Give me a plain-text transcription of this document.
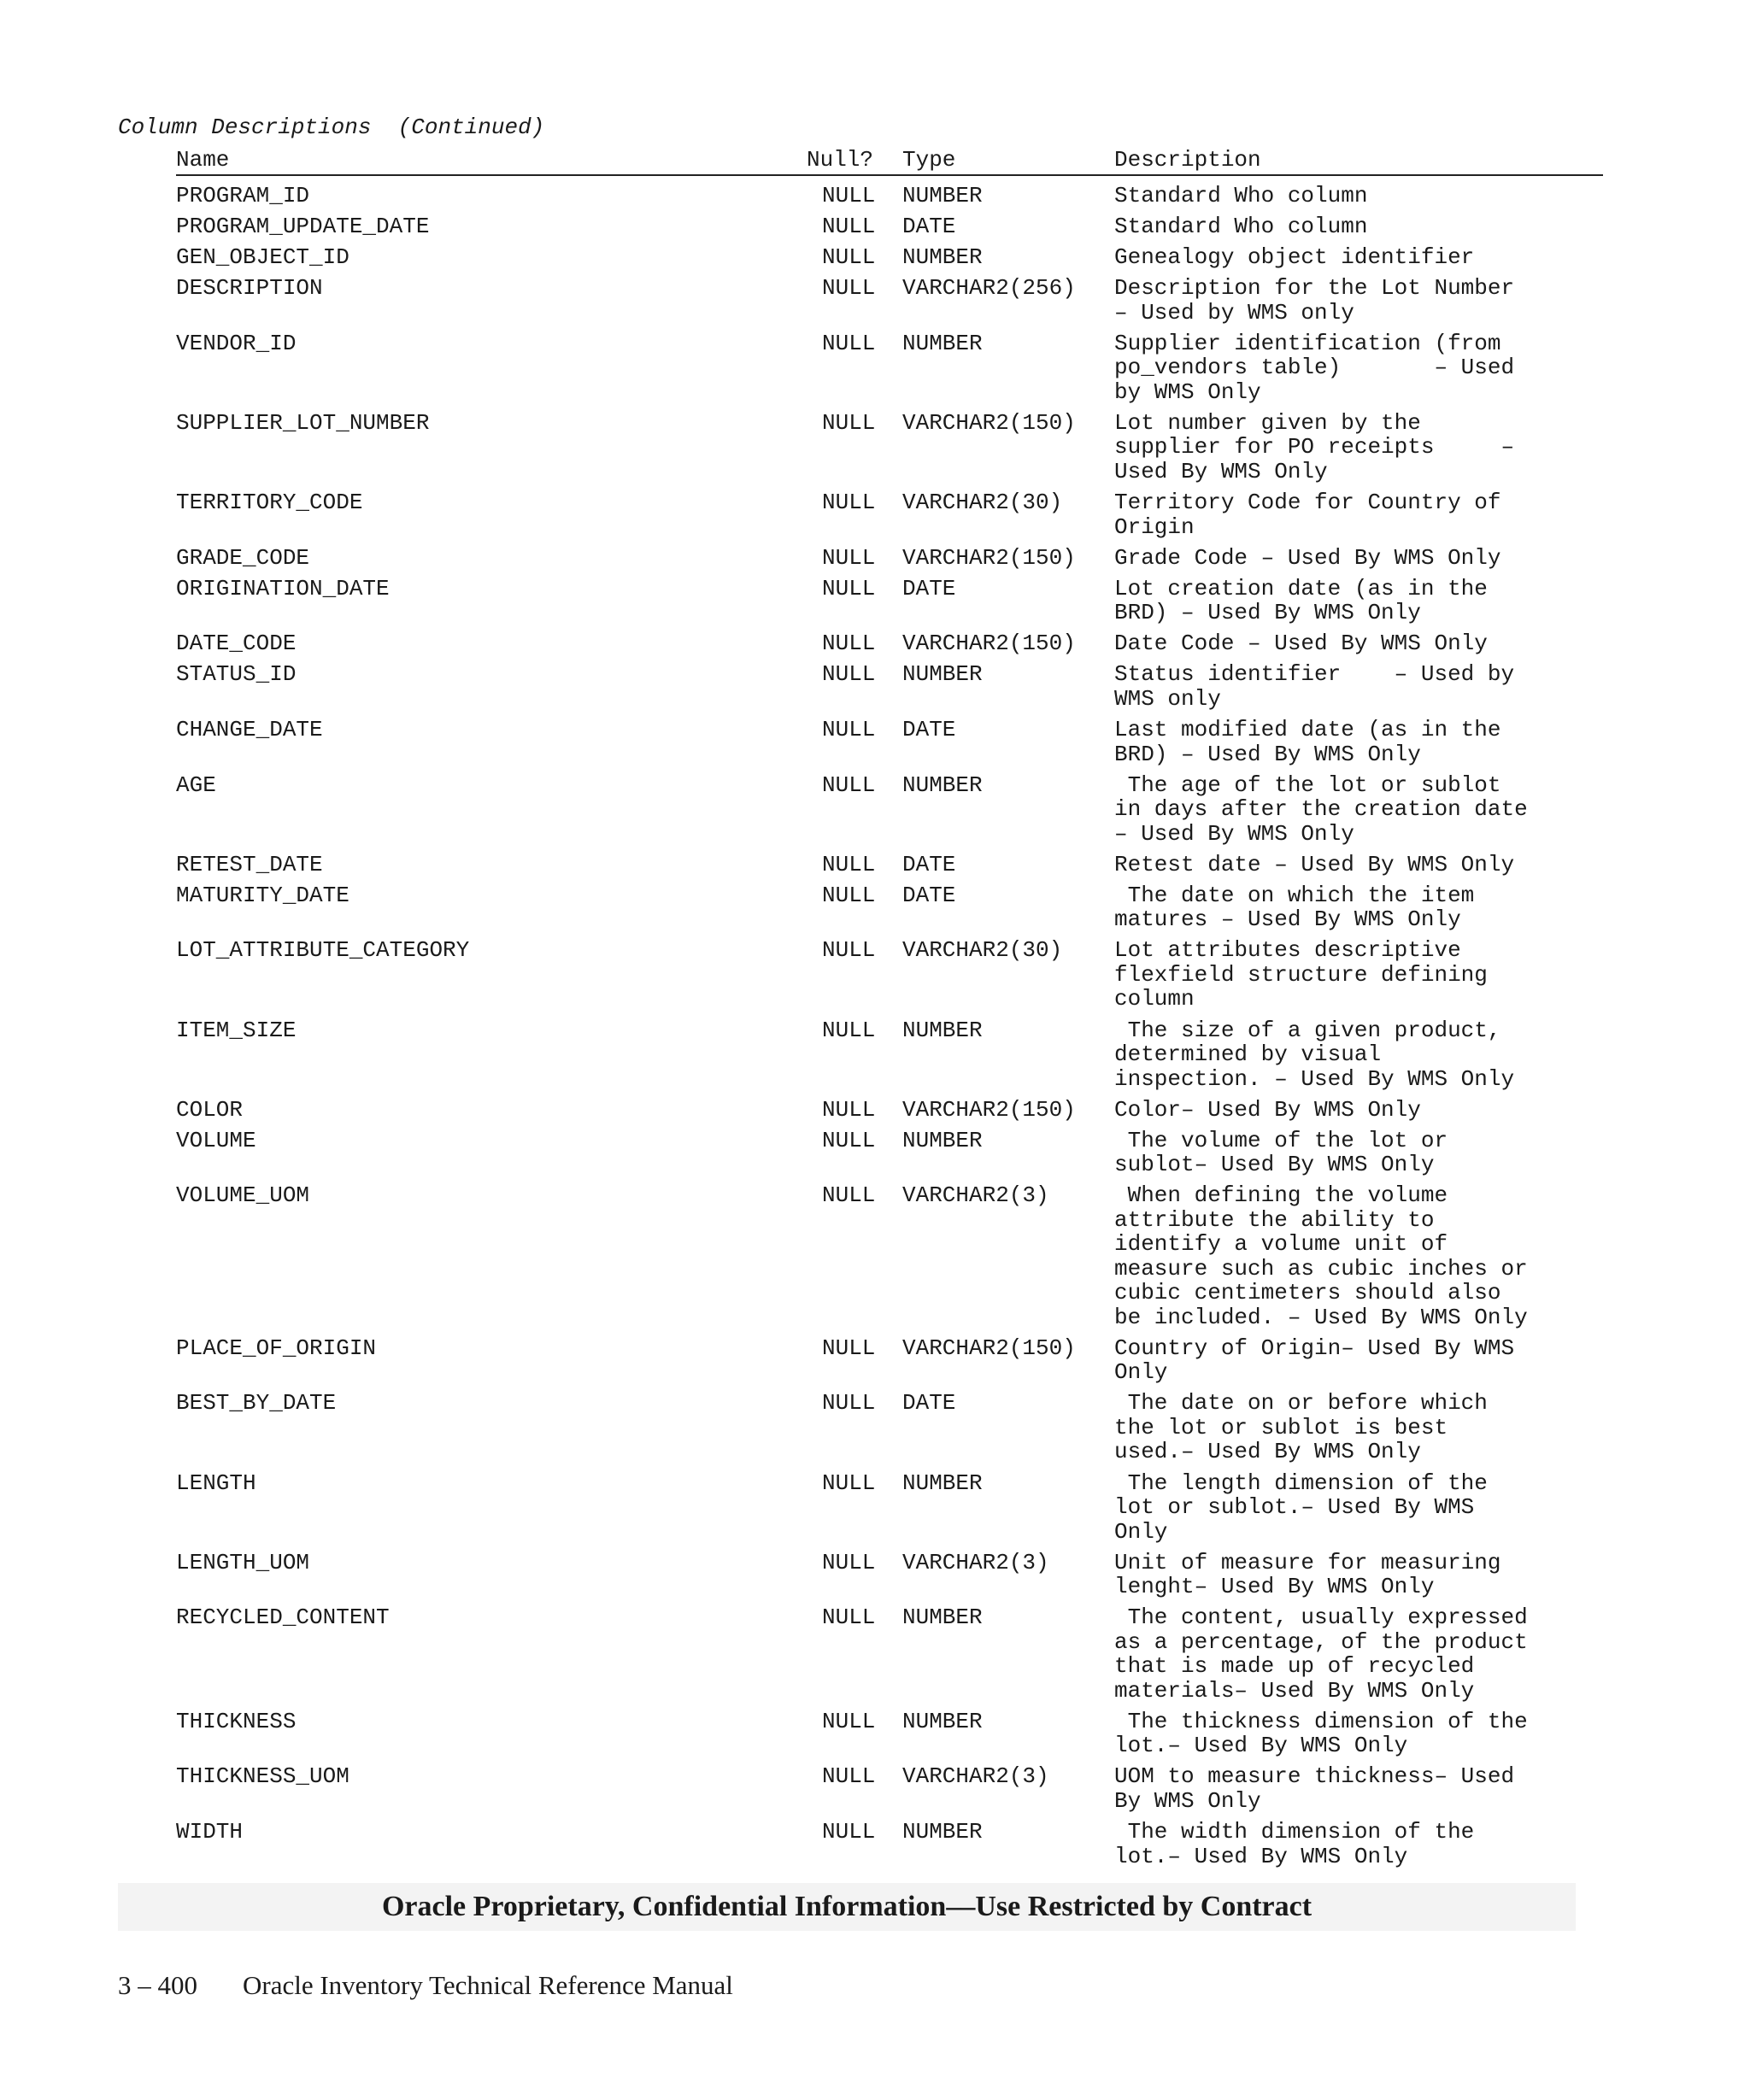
Column Descriptions  (Continued)
Name	Null? Type	Description
PROGRAM_ID	NULL NUMBER	Standard Who column
PROGRAM_UPDATE_DATE	NULL DATE	Standard Who column
GEN_OBJECT_ID	NULL NUMBER	Genealogy object identifier
DESCRIPTION	NULL VARCHAR2(256) Description for the Lot Number
– Used by WMS only
VENDOR_ID	NULL NUMBER	Supplier identification (from
po_vendors table)       – Used
by WMS Only
SUPPLIER_LOT_NUMBER	NULL VARCHAR2(150) Lot number given by the
supplier for PO receipts     –
Used By WMS Only
TERRITORY_CODE	NULL VARCHAR2(30) Territory Code for Country of
Origin
GRADE_CODE	NULL VARCHAR2(150) Grade Code – Used By WMS Only
ORIGINATION_DATE	NULL DATE	Lot creation date (as in the
BRD) – Used By WMS Only
DATE_CODE	NULL VARCHAR2(150) Date Code – Used By WMS Only
STATUS_ID	NULL NUMBER	Status identifier    – Used by
WMS only
CHANGE_DATE	NULL DATE	Last modified date (as in the
BRD) – Used By WMS Only
AGE	NULL NUMBER	The age of the lot or sublot
in days after the creation date
– Used By WMS Only
RETEST_DATE	NULL DATE	Retest date – Used By WMS Only
MATURITY_DATE	NULL DATE	The date on which the item
matures – Used By WMS Only
LOT_ATTRIBUTE_CATEGORY	NULL VARCHAR2(30) Lot attributes descriptive
flexfield structure defining
column
ITEM_SIZE	NULL NUMBER	The size of a given product,
determined by visual
inspection. – Used By WMS Only
COLOR	NULL VARCHAR2(150) Color– Used By WMS Only
VOLUME	NULL NUMBER	The volume of the lot or
sublot– Used By WMS Only
VOLUME_UOM	NULL VARCHAR2(3)	When defining the volume
attribute the ability to
identify a volume unit of
measure such as cubic inches or
cubic centimeters should also
be included. – Used By WMS Only
PLACE_OF_ORIGIN	NULL VARCHAR2(150) Country of Origin– Used By WMS
Only
BEST_BY_DATE	NULL DATE	The date on or before which
the lot or sublot is best
used.– Used By WMS Only
LENGTH	NULL NUMBER	The length dimension of the
lot or sublot.– Used By WMS
Only
LENGTH_UOM	NULL VARCHAR2(3)	Unit of measure for measuring
lenght– Used By WMS Only
RECYCLED_CONTENT	NULL NUMBER	The content, usually expressed
as a percentage, of the product
that is made up of recycled
materials– Used By WMS Only
THICKNESS	NULL NUMBER	The thickness dimension of the
lot.– Used By WMS Only
THICKNESS_UOM	NULL VARCHAR2(3)	UOM to measure thickness– Used
By WMS Only
WIDTH	NULL NUMBER	The width dimension of the
lot.– Used By WMS Only
Oracle Proprietary, Confidential Information––Use Restricted by Contract
3 – 400 Oracle Inventory Technical Reference Manual
